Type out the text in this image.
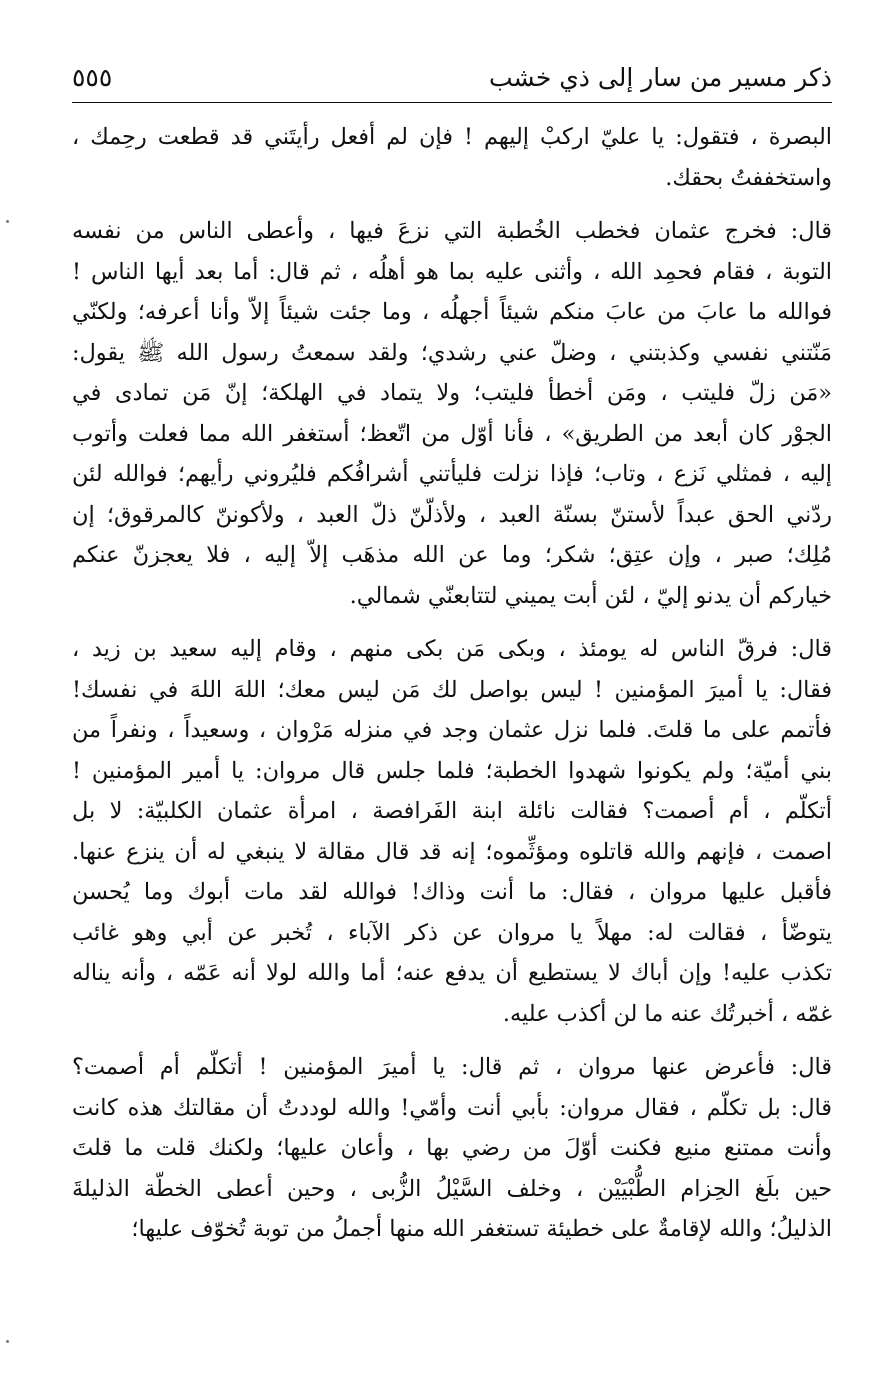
ذكر مسير من سار إلى ذي خشب
٥٥٥

البصرة ، فتقول: يا عليّ اركبْ إليهم ! فإن لم أفعل رأيتَني قد قطعت رحِمك ،
واستخففتُ بحقك.

قال: فخرج عثمان فخطب الخُطبة التي نزعَ فيها ، وأعطى الناس من نفسه
التوبة ، فقام فحمِد الله ، وأثنى عليه بما هو أهلُه ، ثم قال: أما بعد أيها الناس !
فوالله ما عابَ من عابَ منكم شيئاً أجهلُه ، وما جئت شيئاً إلاّ وأنا أعرفه؛ ولكنّي
مَنّتني نفسي وكذبتني ، وضلّ عني رشدي؛ ولقد سمعتُ رسول الله ﷺ يقول:
«مَن زلّ فليتب ، ومَن أخطأ فليتب؛ ولا يتماد في الهلكة؛ إنّ مَن تمادى في
الجوْر كان أبعد من الطريق» ، فأنا أوّل من اتّعظ؛ أستغفر الله مما فعلت وأتوب
إليه ، فمثلي نَزع ، وتاب؛ فإذا نزلت فليأتني أشرافُكم فليُروني رأيهم؛ فوالله لئن
ردّني الحق عبداً لأستنّ بسنّة العبد ، ولأذلّنّ ذلّ العبد ، ولأكوننّ كالمرقوق؛ إن
مُلِك؛ صبر ، وإن عتِق؛ شكر؛ وما عن الله مذهَب إلاّ إليه ، فلا يعجزنّ عنكم
خياركم أن يدنو إليّ ، لئن أبت يميني لتتابعنّي شمالي.

قال: فرقّ الناس له يومئذ ، وبكى مَن بكى منهم ، وقام إليه سعيد بن زيد ،
فقال: يا أميرَ المؤمنين ! ليس بواصل لك مَن ليس معك؛ اللهَ اللهَ في نفسك!
فأتمم على ما قلتَ. فلما نزل عثمان وجد في منزله مَرْوان ، وسعيداً ، ونفراً من
بني أميّة؛ ولم يكونوا شهدوا الخطبة؛ فلما جلس قال مروان: يا أمير المؤمنين !
أتكلّم ، أم أصمت؟ فقالت نائلة ابنة الفَرافصة ، امرأة عثمان الكلبيّة: لا بل
اصمت ، فإنهم والله قاتلوه ومؤثِّموه؛ إنه قد قال مقالة لا ينبغي له أن ينزع عنها.
فأقبل عليها مروان ، فقال: ما أنت وذاك! فوالله لقد مات أبوك وما يُحسن
يتوضّأ ، فقالت له: مهلاً يا مروان عن ذكر الآباء ، تُخبر عن أبي وهو غائب
تكذب عليه! وإن أباك لا يستطيع أن يدفع عنه؛ أما والله لولا أنه عَمّه ، وأنه يناله
غمّه ، أخبرتُك عنه ما لن أكذب عليه.

قال: فأعرض عنها مروان ، ثم قال: يا أميرَ المؤمنين ! أتكلّم أم أصمت؟
قال: بل تكلّم ، فقال مروان: بأبي أنت وأمّي! والله لوددتُ أن مقالتك هذه كانت
وأنت ممتنع منيع فكنت أوّلَ من رضي بها ، وأعان عليها؛ ولكنك قلت ما قلتَ
حين بلَغ الحِزام الطُّبْيَيْن ، وخلف السَّيْلُ الزُّبى ، وحين أعطى الخطّة الذليلةَ
الذليلُ؛ والله لإقامةٌ على خطيئة تستغفر الله منها أجملُ من توبة تُخوّف عليها؛
